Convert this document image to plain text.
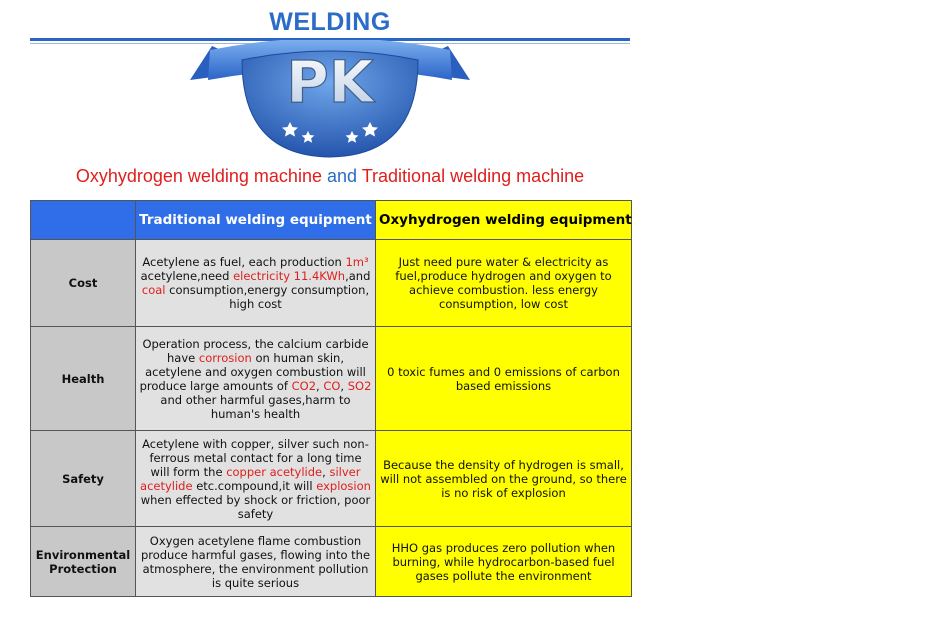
WELDING
PK
Oxyhydrogen welding machine and Traditional welding machine
	Traditional welding equipment	Oxyhydrogen welding equipment
Cost	Acetylene as fuel, each production 1m³ acetylene,need electricity 11.4KWh,and coal consumption,energy consumption, high cost	Just need pure water & electricity as fuel,produce hydrogen and oxygen to achieve combustion. less energy consumption, low cost
Health	Operation process, the calcium carbide have corrosion on human skin, acetylene and oxygen combustion will produce large amounts of CO2, CO, SO2 and other harmful gases,harm to human's health	0 toxic fumes and 0 emissions of carbon based emissions
Safety	Acetylene with copper, silver such non-ferrous metal contact for a long time will form the copper acetylide, silver acetylide etc.compound,it will explosion when effected by shock or friction, poor safety	Because the density of hydrogen is small, will not assembled on the ground, so there is no risk of explosion
Environmental Protection	Oxygen acetylene flame combustion produce harmful gases, flowing into the atmosphere, the environment pollution is quite serious	HHO gas produces zero pollution when burning, while hydrocarbon-based fuel gases pollute the environment
